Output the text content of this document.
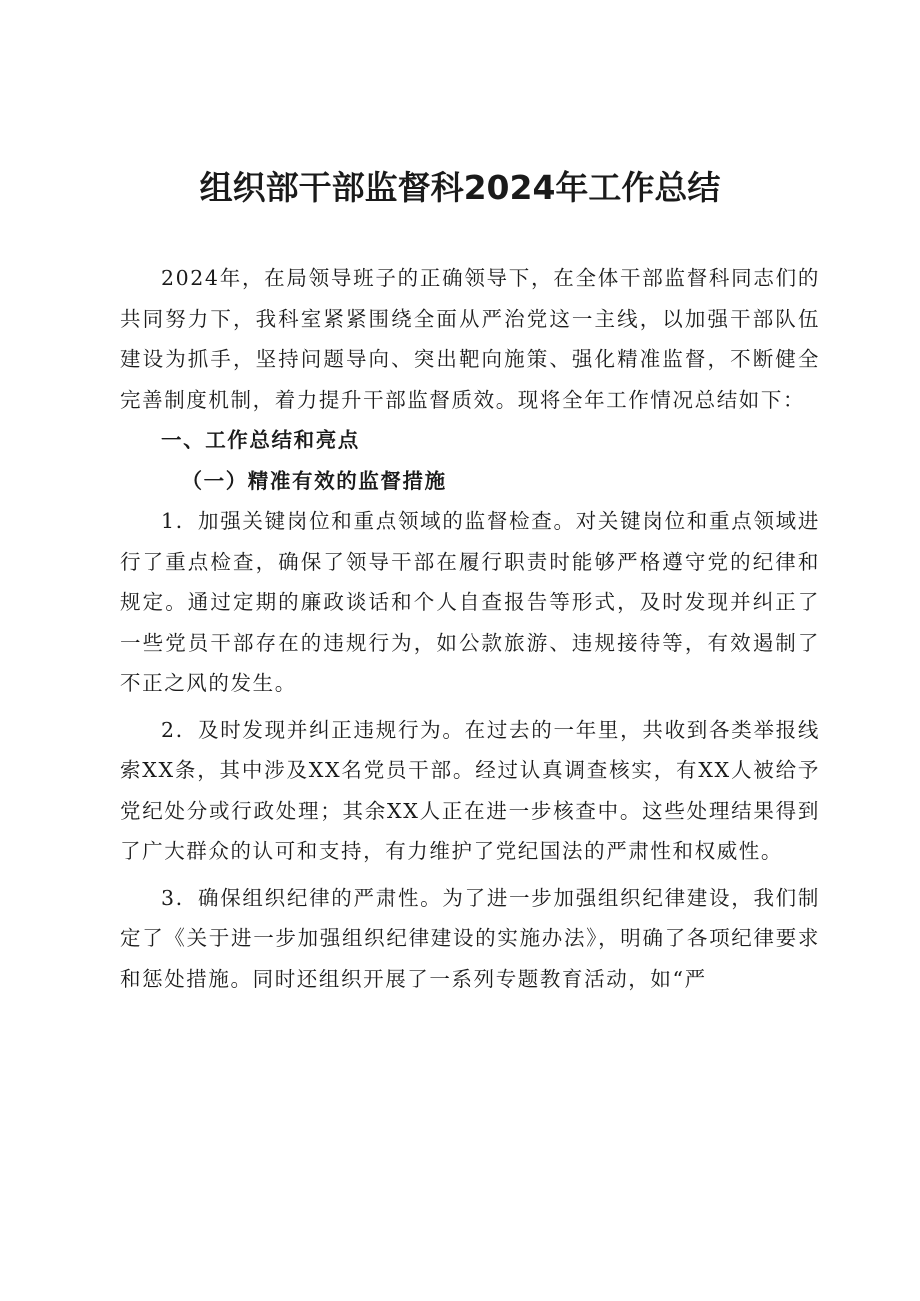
组织部干部监督科2024年工作总结

2024年，在局领导班子的正确领导下，在全体干部监督科同志们的共同努力下，我科室紧紧围绕全面从严治党这一主线，以加强干部队伍建设为抓手，坚持问题导向、突出靶向施策、强化精准监督，不断健全完善制度机制，着力提升干部监督质效。现将全年工作情况总结如下：

一、工作总结和亮点

（一）精准有效的监督措施

1．加强关键岗位和重点领域的监督检查。对关键岗位和重点领域进行了重点检查，确保了领导干部在履行职责时能够严格遵守党的纪律和规定。通过定期的廉政谈话和个人自查报告等形式，及时发现并纠正了一些党员干部存在的违规行为，如公款旅游、违规接待等，有效遏制了不正之风的发生。

2．及时发现并纠正违规行为。在过去的一年里，共收到各类举报线索XX条，其中涉及XX名党员干部。经过认真调查核实，有XX人被给予党纪处分或行政处理；其余XX人正在进一步核查中。这些处理结果得到了广大群众的认可和支持，有力维护了党纪国法的严肃性和权威性。

3．确保组织纪律的严肃性。为了进一步加强组织纪律建设，我们制定了《关于进一步加强组织纪律建设的实施办法》，明确了各项纪律要求和惩处措施。同时还组织开展了一系列专题教育活动，如“严
